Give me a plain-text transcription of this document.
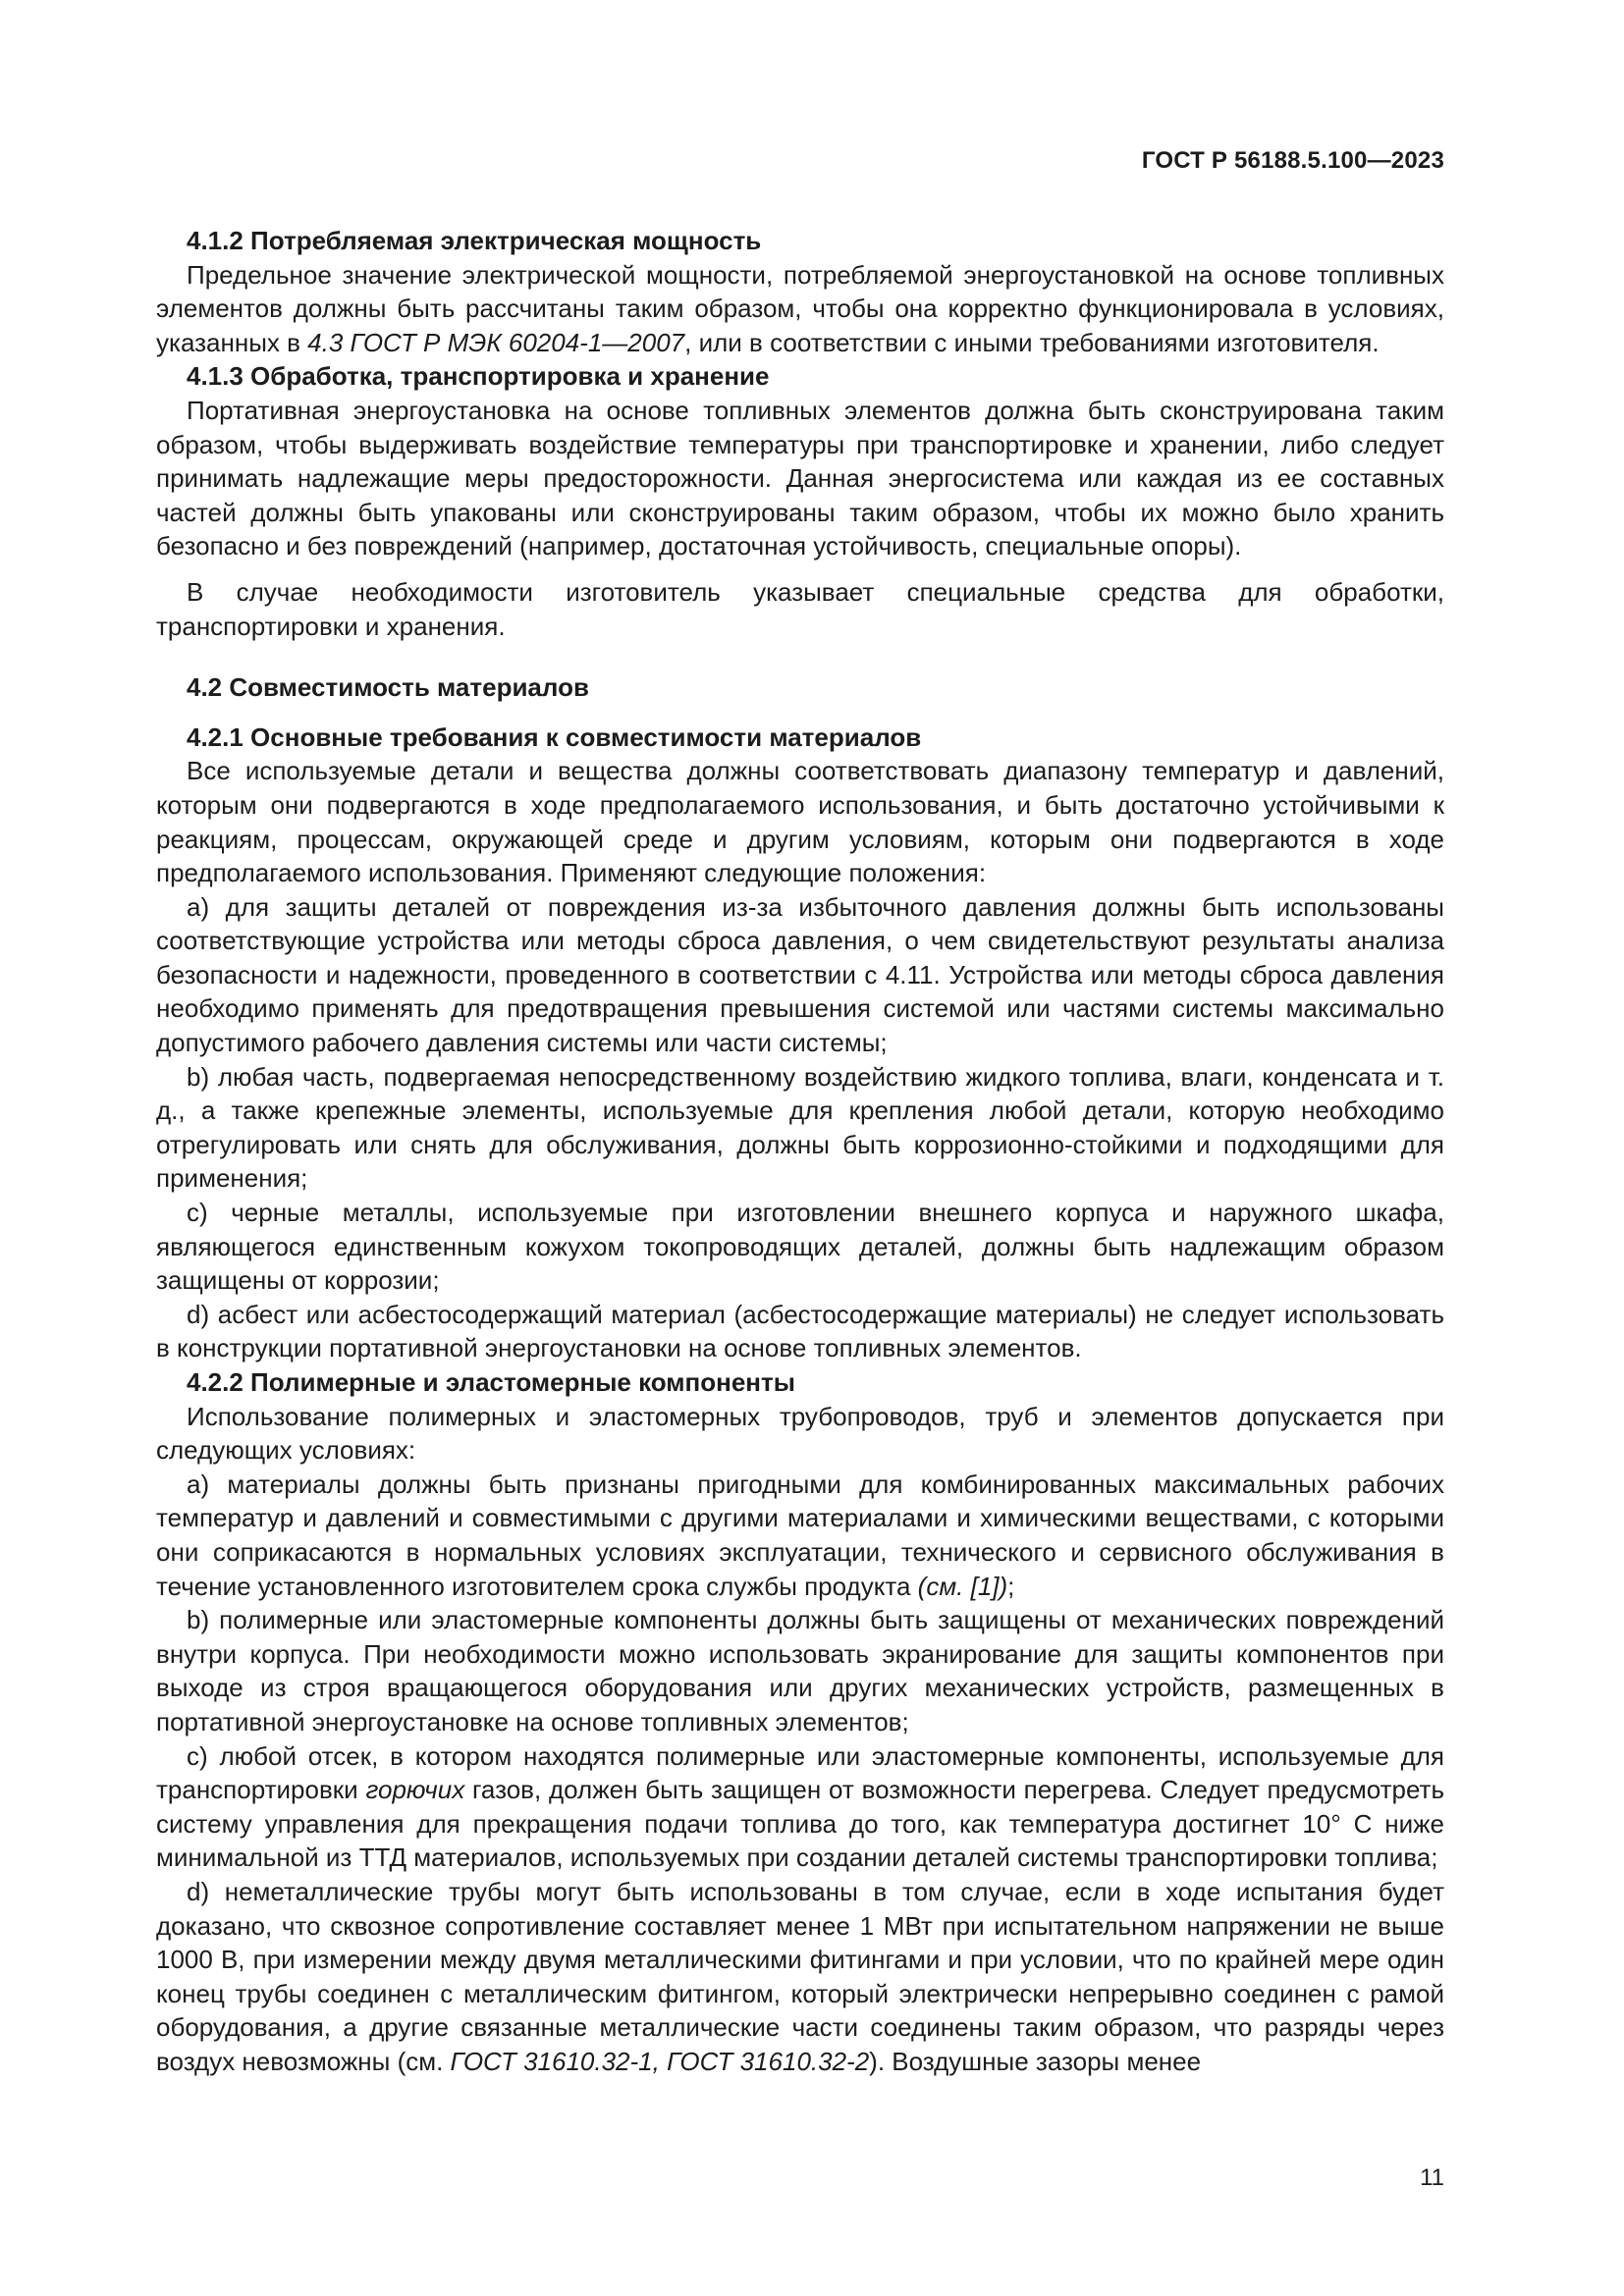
ГОСТ Р 56188.5.100—2023
4.1.2 Потребляемая электрическая мощность

Предельное значение электрической мощности, потребляемой энергоустановкой на основе топливных элементов должны быть рассчитаны таким образом, чтобы она корректно функционировала в условиях, указанных в 4.3 ГОСТ Р МЭК 60204-1—2007, или в соответствии с иными требованиями изготовителя.

4.1.3 Обработка, транспортировка и хранение

Портативная энергоустановка на основе топливных элементов должна быть сконструирована таким образом, чтобы выдерживать воздействие температуры при транспортировке и хранении, либо следует принимать надлежащие меры предосторожности. Данная энергосистема или каждая из ее составных частей должны быть упакованы или сконструированы таким образом, чтобы их можно было хранить безопасно и без повреждений (например, достаточная устойчивость, специальные опоры).

В случае необходимости изготовитель указывает специальные средства для обработки, транспортировки и хранения.

4.2 Совместимость материалов
4.2.1 Основные требования к совместимости материалов

Все используемые детали и вещества должны соответствовать диапазону температур и давлений, которым они подвергаются в ходе предполагаемого использования, и быть достаточно устойчивыми к реакциям, процессам, окружающей среде и другим условиям, которым они подвергаются в ходе предполагаемого использования. Применяют следующие положения:

a) для защиты деталей от повреждения из-за избыточного давления должны быть использованы соответствующие устройства или методы сброса давления, о чем свидетельствуют результаты анализа безопасности и надежности, проведенного в соответствии с 4.11. Устройства или методы сброса давления необходимо применять для предотвращения превышения системой или частями системы максимально допустимого рабочего давления системы или части системы;

b) любая часть, подвергаемая непосредственному воздействию жидкого топлива, влаги, конденсата и т. д., а также крепежные элементы, используемые для крепления любой детали, которую необходимо отрегулировать или снять для обслуживания, должны быть коррозионно-стойкими и подходящими для применения;

c) черные металлы, используемые при изготовлении внешнего корпуса и наружного шкафа, являющегося единственным кожухом токопроводящих деталей, должны быть надлежащим образом защищены от коррозии;

d) асбест или асбестосодержащий материал (асбестосодержащие материалы) не следует использовать в конструкции портативной энергоустановки на основе топливных элементов.

4.2.2 Полимерные и эластомерные компоненты

Использование полимерных и эластомерных трубопроводов, труб и элементов допускается при следующих условиях:

a) материалы должны быть признаны пригодными для комбинированных максимальных рабочих температур и давлений и совместимыми с другими материалами и химическими веществами, с которыми они соприкасаются в нормальных условиях эксплуатации, технического и сервисного обслуживания в течение установленного изготовителем срока службы продукта (см. [1]);

b) полимерные или эластомерные компоненты должны быть защищены от механических повреждений внутри корпуса. При необходимости можно использовать экранирование для защиты компонентов при выходе из строя вращающегося оборудования или других механических устройств, размещенных в портативной энергоустановке на основе топливных элементов;

c) любой отсек, в котором находятся полимерные или эластомерные компоненты, используемые для транспортировки горючих газов, должен быть защищен от возможности перегрева. Следует предусмотреть систему управления для прекращения подачи топлива до того, как температура достигнет 10° С ниже минимальной из ТТД материалов, используемых при создании деталей системы транспортировки топлива;

d) неметаллические трубы могут быть использованы в том случае, если в ходе испытания будет доказано, что сквозное сопротивление составляет менее 1 МВт при испытательном напряжении не выше 1000 В, при измерении между двумя металлическими фитингами и при условии, что по крайней мере один конец трубы соединен с металлическим фитингом, который электрически непрерывно соединен с рамой оборудования, а другие связанные металлические части соединены таким образом, что разряды через воздух невозможны (см. ГОСТ 31610.32-1, ГОСТ 31610.32-2). Воздушные зазоры менее

11
